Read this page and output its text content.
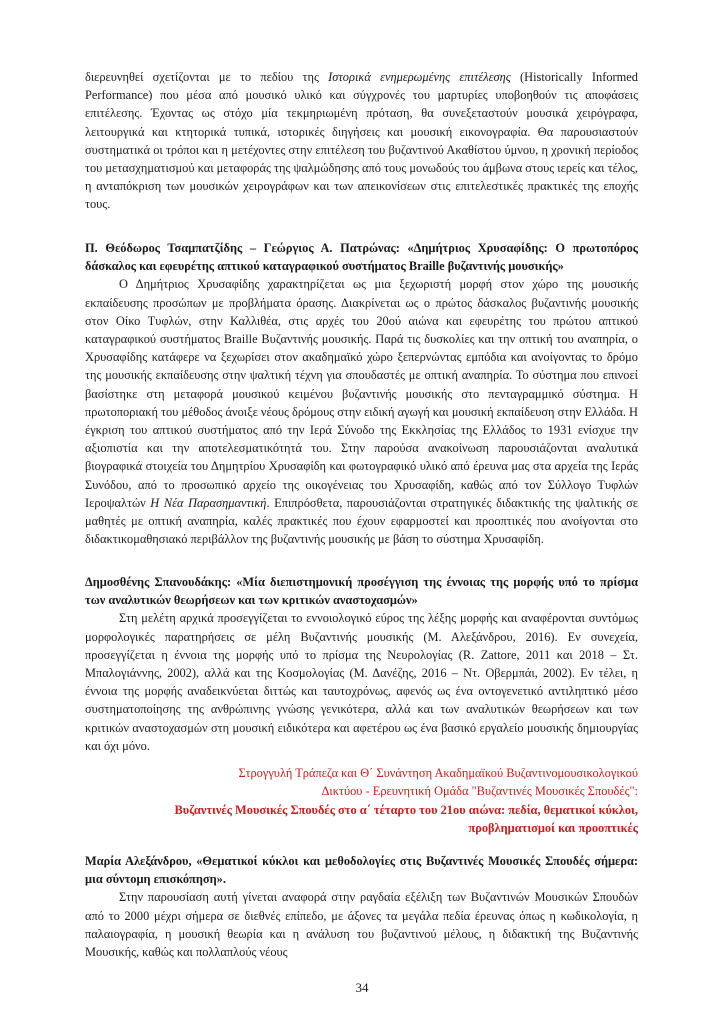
διερευνηθεί σχετίζονται με το πεδίου της Ιστορικά ενημερωμένης επιτέλεσης (Historically Informed Performance) που μέσα από μουσικό υλικό και σύγχρονές του μαρτυρίες υποβοηθούν τις αποφάσεις επιτέλεσης. Έχοντας ως στόχο μία τεκμηριωμένη πρόταση, θα συνεξεταστούν μουσικά χειρόγραφα, λειτουργικά και κτητορικά τυπικά, ιστορικές διηγήσεις και μουσική εικονογραφία. Θα παρουσιαστούν συστηματικά οι τρόποι και η μετέχοντες στην επιτέλεση του βυζαντινού Ακαθίστου ύμνου, η χρονική περίοδος του μετασχηματισμού και μεταφοράς της ψαλμώδησης από τους μονωδούς του άμβωνα στους ιερείς και τέλος, η ανταπόκριση των μουσικών χειρογράφων και των απεικονίσεων στις επιτελεστικές πρακτικές της εποχής τους.

Π. Θεόδωρος Τσαμπατζίδης – Γεώργιος Α. Πατρώνας: «Δημήτριος Χρυσαφίδης: Ο πρωτοπόρος δάσκαλος και εφευρέτης απτικού καταγραφικού συστήματος Braille βυζαντινής μουσικής»

Ο Δημήτριος Χρυσαφίδης χαρακτηρίζεται ως μια ξεχωριστή μορφή στον χώρο της μουσικής εκπαίδευσης προσώπων με προβλήματα όρασης. Διακρίνεται ως ο πρώτος δάσκαλος βυζαντινής μουσικής στον Οίκο Τυφλών, στην Καλλιθέα, στις αρχές του 20ού αιώνα και εφευρέτης του πρώτου απτικού καταγραφικού συστήματος Braille Βυζαντινής μουσικής. Παρά τις δυσκολίες και την οπτική του αναπηρία, ο Χρυσαφίδης κατάφερε να ξεχωρίσει στον ακαδημαϊκό χώρο ξεπερνώντας εμπόδια και ανοίγοντας το δρόμο της μουσικής εκπαίδευσης στην ψαλτική τέχνη για σπουδαστές με οπτική αναπηρία. Το σύστημα που επινοεί βασίστηκε στη μεταφορά μουσικού κειμένου βυζαντινής μουσικής στο πενταγραμμικό σύστημα. Η πρωτοποριακή του μέθοδος άνοιξε νέους δρόμους στην ειδική αγωγή και μουσική εκπαίδευση στην Ελλάδα. Η έγκριση του απτικού συστήματος από την Ιερά Σύνοδο της Εκκλησίας της Ελλάδος το 1931 ενίσχυε την αξιοπιστία και την αποτελεσματικότητά του. Στην παρούσα ανακοίνωση παρουσιάζονται αναλυτικά βιογραφικά στοιχεία του Δημητρίου Χρυσαφίδη και φωτογραφικό υλικό από έρευνα μας στα αρχεία της Ιεράς Συνόδου, από το προσωπικό αρχείο της οικογένειας του Χρυσαφίδη, καθώς από τον Σύλλογο Τυφλών Ιεροψαλτών Η Νέα Παρασημαντική. Επιπρόσθετα, παρουσιάζονται στρατηγικές διδακτικής της ψαλτικής σε μαθητές με οπτική αναπηρία, καλές πρακτικές που έχουν εφαρμοστεί και προοπτικές που ανοίγονται στο διδακτικομαθησιακό περιβάλλον της βυζαντινής μουσικής με βάση το σύστημα Χρυσαφίδη.

Δημοσθένης Σπανουδάκης: «Μία διεπιστημονική προσέγγιση της έννοιας της μορφής υπό το πρίσμα των αναλυτικών θεωρήσεων και των κριτικών αναστοχασμών»

Στη μελέτη αρχικά προσεγγίζεται το εννοιολογικό εύρος της λέξης μορφής και αναφέρονται συντόμως μορφολογικές παρατηρήσεις σε μέλη Βυζαντινής μουσικής (Μ. Αλεξάνδρου, 2016). Εν συνεχεία, προσεγγίζεται η έννοια της μορφής υπό το πρίσμα της Νευρολογίας (R. Zattore, 2011 και 2018 – Στ. Μπαλογιάννης, 2002), αλλά και της Κοσμολογίας (Μ. Δανέζης, 2016 – Ντ. Οβερμπάι, 2002). Εν τέλει, η έννοια της μορφής αναδεικνύεται διττώς και ταυτοχρόνως, αφενός ως ένα οντογενετικό αντιληπτικό μέσο συστηματοποίησης της ανθρώπινης γνώσης γενικότερα, αλλά και των αναλυτικών θεωρήσεων και των κριτικών αναστοχασμών στη μουσική ειδικότερα και αφετέρου ως ένα βασικό εργαλείο μουσικής δημιουργίας και όχι μόνο.

Στρογγυλή Τράπεζα και Θ΄ Συνάντηση Ακαδημαϊκού Βυζαντινομουσικολογικού
Δικτύου - Ερευνητική Ομάδα "Βυζαντινές Μουσικές Σπουδές":
Βυζαντινές Μουσικές Σπουδές στο α΄ τέταρτο του 21ου αιώνα: πεδία, θεματικοί κύκλοι,
προβληματισμοί και προοπτικές

Μαρία Αλεξάνδρου, «Θεματικοί κύκλοι και μεθοδολογίες στις Βυζαντινές Μουσικές Σπουδές σήμερα: μια σύντομη επισκόπηση».

Στην παρουσίαση αυτή γίνεται αναφορά στην ραγδαία εξέλιξη των Βυζαντινών Μουσικών Σπουδών από το 2000 μέχρι σήμερα σε διεθνές επίπεδο, με άξονες τα μεγάλα πεδία έρευνας όπως η κωδικολογία, η παλαιογραφία, η μουσική θεωρία και η ανάλυση του βυζαντινού μέλους, η διδακτική της Βυζαντινής Μουσικής, καθώς και πολλαπλούς νέους

34
